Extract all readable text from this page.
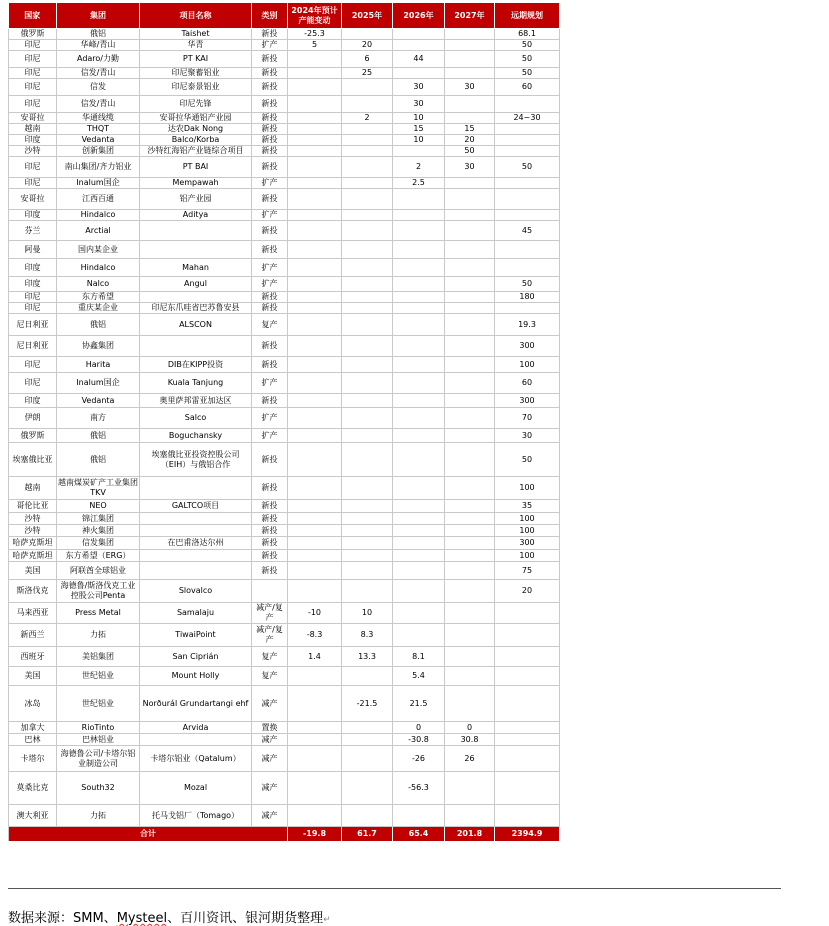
国家	集团	项目名称	类别	2024年预计产能变动	2025年	2026年	2027年	远期规划
俄罗斯	俄铝	Taishet	新投	-25.3				68.1
印尼	华峰/青山	华青	扩产	5	20			50
印尼	Adaro/力勤	PT KAI	新投		6	44		50
印尼	信发/青山	印尼聚蓄铝业	新投		25			50
印尼	信发	印尼泰景铝业	新投			30	30	60
印尼	信发/青山	印尼先锋	新投			30		
安哥拉	华通线缆	安哥拉华通铝产业园	新投		2	10		24~30
越南	THQT	达农Dak Nong	新投			15	15	
印度	Vedanta	Balco/Korba	新投			10	20	
沙特	创新集团	沙特红海铝产业链综合项目	新投				50	
印尼	南山集团/齐力铝业	PT BAI	新投			2	30	50
印尼	Inalum国企	Mempawah	扩产			2.5		
安哥拉	江西百通	铝产业园	新投					
印度	Hindalco	Aditya	扩产					
芬兰	Arctial		新投					45
阿曼	国内某企业		新投					
印度	Hindalco	Mahan	扩产					
印度	Nalco	Angul	扩产					50
印尼	东方希望		新投					180
印尼	重庆某企业	印尼东爪哇省巴苏鲁安县	新投					
尼日利亚	俄铝	ALSCON	复产					19.3
尼日利亚	协鑫集团		新投					300
印尼	Harita	DIB在KIPP投资	新投					100
印尼	Inalum国企	Kuala Tanjung	扩产					60
印度	Vedanta	奥里萨邦雷亚加达区	新投					300
伊朗	南方	Salco	扩产					70
俄罗斯	俄铝	Boguchansky	扩产					30
埃塞俄比亚	俄铝	埃塞俄比亚投资控股公司（EIH）与俄铝合作	新投					50
越南	越南煤炭矿产工业集团TKV		新投					100
哥伦比亚	NEO	GALTCO项目	新投					35
沙特	锦江集团		新投					100
沙特	神火集团		新投					100
哈萨克斯坦	信发集团	在巴甫洛达尔州	新投					300
哈萨克斯坦	东方希望（ERG）		新投					100
美国	阿联酋全球铝业		新投					75
斯洛伐克	海德鲁/斯洛伐克工业控股公司Penta	Slovalco						20
马来西亚	Press Metal	Samalaju	减产/复产	-10	10			
新西兰	力拓	TiwaiPoint	减产/复产	-8.3	8.3			
西班牙	美铝集团	San Ciprián	复产	1.4	13.3	8.1		
美国	世纪铝业	Mount Holly	复产			5.4		
冰岛	世纪铝业	Norðurál Grundartangi ehf	减产		-21.5	21.5		
加拿大	RioTinto	Arvida	置换			0	0	
巴林	巴林铝业		减产			-30.8	30.8	
卡塔尔	海德鲁公司/卡塔尔铝业制造公司	卡塔尔铝业（Qatalum）	减产			-26	26	
莫桑比克	South32	Mozal	减产			-56.3		
澳大利亚	力拓	托马戈铝厂（Tomago）	减产					
合计				-19.8	61.7	65.4	201.8	2394.9
数据来源：SMM、Mysteel、百川资讯、银河期货整理↵
